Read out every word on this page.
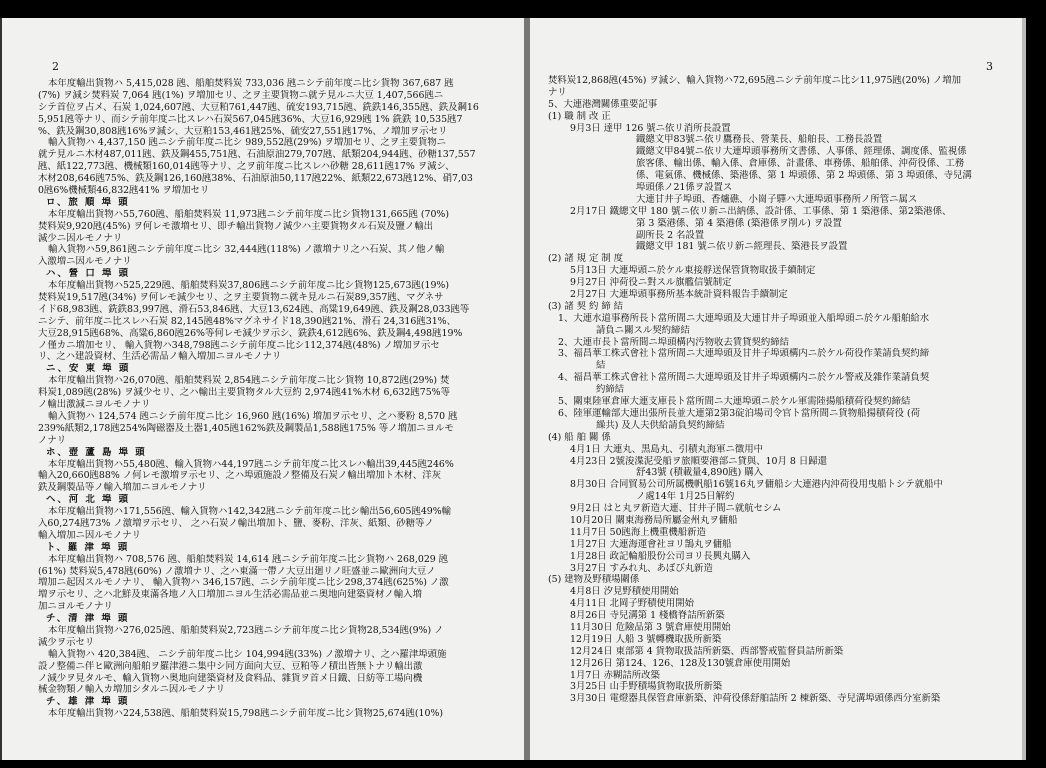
2
本年度輸出貨物ハ 5,415,028 瓲、船舶焚料炭 733,036 瓲ニシテ前年度ニ比シ貨物 367,687 瓲
(7%) ヲ減シ焚料炭 7,064 瓲(1%) ヲ増加セリ、之ヲ主要貨物ニ就テ見ルニ大豆 1,407,566瓲ニ
シテ首位ヲ占メ、石炭 1,024,607瓲、大豆粕761,447瓲、硫安193,715瓲、銑鉄146,355瓲、鉄及鋼16
5,951瓲等ナリ、而シテ前年度ニ比スレハ石炭567,045瓲36%、大豆16,929瓲 1% 銑鉄 10,535瓲7
%、鉄及鋼30,808瓲16%ヲ減シ、大豆粕153,461瓲25%、硫安27,551瓲17%、ノ増加ヲ示セリ
輸入貨物ハ 4,437,150 瓲ニシテ前年度ニ比シ 989,552瓲(29%) ヲ増加セリ、之ヲ主要貨物ニ
就テ見ルニ木材487,011瓲、鉄及鋼455,751瓲、石油原油279,707瓲、紙類204,944瓲、砂糖137,557
瓲、紙122,773瓲、機械類160,014瓲等ナリ、之ヲ前年度ニ比スレハ砂糖 28,611瓲17% ヲ減シ、
木材208,646瓲75%、鉄及鋼126,160瓲38%、石油原油50,117瓲22%、紙類22,673瓲12%、硝7,03
0瓲6%機械類46,832瓲41% ヲ増加セリ
ロ、旅 順 埠 頭
本年度輸出貨物ハ55,760瓲、船舶焚料炭 11,973瓲ニシテ前年度ニ比シ貨物131,665瓲 (70%)
焚料炭9,920瓲(45%) ヲ何レモ激増セリ、即チ輸出貨物ノ減少ハ主要貨物タル石炭及鹽ノ輸出
減少ニ因ルモノナリ
輸入貨物ハ59,861瓲ニシテ前年度ニ比シ 32,444瓲(118%) ノ激増ナリ之ハ石炭、其ノ他ノ輸
入激増ニ因ルモノナリ
ハ、營 口 埠 頭
本年度輸出貨物ハ525,229瓲、船舶焚料炭37,806瓲ニシテ前年度ニ比シ貨物125,673瓲(19%)
焚料炭19,517瓲(34%) ヲ何レモ減少セリ、之ヲ主要貨物ニ就キ見ルニ石炭89,357瓲、マグネサ
イド68,983瓲、銑鉄83,997瓲、滑石53,846瓲、大豆13,624瓲、高粱19,649瓲、鉄及鋼28,033瓲等
ニシテ、前年度ニ比スレハ石炭 82,145瓲48%マグネサイド18,390瓲21%、滑石 24,316瓲31%、
大豆28,915瓲68%、高粱6,860瓲26%等何レモ減少ヲ示シ、銑鉄4,612瓲6%、鉄及鋼4,498瓲19%
ノ僅カニ増加セリ、 輸入貨物ハ348,798瓲ニシテ前年度ニ比シ112,374瓲(48%) ノ増加ヲ示セ
リ、之ハ建設資材、生活必需品ノ輸入増加ニヨルモノナリ
ニ、安 東 埠 頭
本年度輸出貨物ハ26,070瓲、船舶焚料炭 2,854瓲ニシテ前年度ニ比シ貨物 10,872瓲(29%) 焚
料炭1,089瓲(28%) ヲ減少セリ、之ハ輸出主要貨物タル大豆約 2,974瓲41%木材 6,632瓲75%等
ノ輸出激減ニヨルモノナリ
輸入貨物ハ 124,574 瓲ニシテ前年度ニ比シ 16,960 瓲(16%) 増加ヲ示セリ、之ハ麥粉 8,570 瓲
239%紙類2,178瓲254%陶磁器及土器1,405瓲162%鉄及鋼製品1,588瓲175% 等ノ増加ニヨルモ
ノナリ
ホ、壺 蘆 島 埠 頭
本年度輸出貨物ハ55,480瓲、輸入貨物ハ44,197瓲ニシテ前年度ニ比スレハ輸出39,445瓲246%
輸入20,660瓲88% ノ何レモ激増ヲ示セリ、之ハ埠頭施設ノ整備及石炭ノ輸出増加ト木材、洋灰
鉄及鋼製品等ノ輸入増加ニヨルモノナリ
ヘ、河 北 埠 頭
本年度輸出貨物ハ171,556瓲、輸入貨物ハ142,342瓲ニシテ前年度ニ比シ輸出56,605瓲49%輸
入60,274瓲73% ノ激増ヲ示セリ、 之ハ石炭ノ輸出増加ト、鹽、麥粉、洋灰、紙類、砂糖等ノ
輸入増加ニ因ルモノナリ
ト、羅 津 埠 頭
本年度輸出貨物ハ 708,576 瓲、船舶焚料炭 14,614 瓲ニシテ前年度ニ比シ貨物ハ 268,029 瓲
(61%) 焚料炭5,478瓲(60%) ノ激増ナリ、之ハ東滿一帶ノ大豆出廻リノ旺盛並ニ歐洲向大豆ノ
増加ニ起因スルモノナリ、 輸入貨物ハ 346,157瓲、ニシテ前年度ニ比シ298,374瓲(625%) ノ激
増ヲ示セリ、之ハ北鮮及東滿各地ノ入口増加ニヨル生活必需品並ニ奥地向建築資材ノ輸入増
加ニヨルモノナリ
チ、清 津 埠 頭
本年度輸出貨物ハ276,025瓲、船舶焚料炭2,723瓲ニシテ前年度ニ比シ貨物28,534瓲(9%) ノ
減少ヲ示セリ
輸入貨物ハ 420,384瓲、 ニシテ前年度ニ比シ 104,994瓲(33%) ノ激増ナリ、之ハ羅津埠頭施
設ノ整備ニ伴ヒ歐洲向船舶ヲ羅津港ニ集中シ同方面向大豆、豆粕等ノ積出皆無トナリ輸出激
ノ減少ヲ見タルモ、輸入貨物ハ奥地向建築資材及食料品、雜貨ヲ首メ日鐵、日紡等工場向機
械金物類ノ輸入カ増加シタルニ因ルモノナリ
チ、雄 津 埠 頭
本年度輸出貨物ハ224,538瓲、船舶焚料炭15,798瓲ニシテ前年度ニ比シ貨物25,674瓲(10%)
3
焚料炭12,868瓲(45%) ヲ減シ、輸入貨物ハ72,695瓲ニシテ前年度ニ比シ11,975瓲(20%) ノ増加
ナリ
5、大連港灣關係重要記事
(1) 職 制 改 正
9月3日 達甲 126 號ニ依リ消所長設置
鐵總文甲83號ニ依リ鷹務長、營業長、船舶長、工務長設置
鐵總文甲84號ニ依リ大連埠頭事務所文書係、人事係、經理係、調度係、監視係
旅客係、輸出係、輸入係、倉庫係、計畫係、車務係、船舶係、沖荷役係、工務
係、電氣係、機械係、築港係、第 1 埠頭係、第 2 埠頭係、第 3 埠頭係、寺兒溝
埠頭係ノ21係ヲ設置ス
大連甘井子埠頭、香爐礁、小崗子驛ハ大連埠頭事務所ノ所管ニ属ス
2月17日 鐵總文甲 180 號ニ依リ新ニ出納係、設計係、工事係、第 1 築港係、第2築港係、
第 3 築港係、第 4 築港係 (築港係ヲ削ル) ヲ設置
副所長 2 名設置
鐵總文甲 181 號ニ依リ新ニ經理長、築港長ヲ設置
(2) 諸 規 定 制 度
5月13日 大連埠頭ニ於ケル東接艀送保管貨物取扱手續制定
9月27日 沖荷役ニ對スル旗艦信號制定
2月27日 大連埠頭事務所基本統計資料報告手續制定
(3) 諸 契 約 締 結
1、大連水道事務所長ト當所間ニ大連埠頭及大連甘井子埠頭並入船埠頭ニ於ケル船舶給水
請負ニ關スル契約締結
2、大連市長ト當所間ニ埠頭構内汚物收去賃貸契約締結
3、福昌華工株式會社ト當所間ニ大連埠頭及甘井子埠頭構内ニ於ケル荷役作業請負契約締
結
4、福昌華工株式會社ト當所間ニ大連埠頭及甘井子埠頭構内ニ於ケル警戒及雜作業請負契
約締結
5、關東陸軍倉庫大連支庫長ト當所間ニ大連埠頭ニ於ケル軍需陸揚船積荷役契約締結
6、陸軍運輸部大連出張所長並大連第2第3碇泊場司令官ト當所間ニ貨物船揚積荷役 (荷
繰共) 及人夫供給請負契約締結
(4) 船 舶 關 係
4月1日 大連丸、黒島丸、引積丸海軍ニ徴用中
4月23日 2號浚渫泥受船ヲ旅順要港部ニ貸與、10月 8 日歸還
舒43號 (積載量4,890瓲) 購入
8月30日 合同貿易公司所属機帆船16號16丸ヲ傭船シ大連港内沖荷役用曳船トシテ就船中
ノ處14年 1月25日解約
9月2日 はと丸ヲ新造大連、甘井子間ニ就航セシム
10月20日 關東海務局所屬金州丸ヲ傭船
11月7日 50瓲海上機重機船新造
1月27日 大連海運會社ヨリ鵠丸ヲ傭船
1月28日 政記輪船股份公司ヨリ長興丸購入
3月27日 すみれ丸、あぼび丸新造
(5) 建物及野積場關係
4月8日 汐見野積使用開始
4月11日 北岡子野積使用開始
8月26日 寺兒溝第 1 棧橋脊詰所新築
11月30日 危險品第 3 號倉庫使用開始
12月19日 人船 3 號轉機取扱所新築
12月24日 東部第 4 貨物取扱詰所新築、西部警戒監督員詰所新築
12月26日 第124、126、128及130號倉庫使用開始
1月7日 赤糊詰所改築
3月25日 山手野積場貨物取扱所新築
3月30日 電燈器具保管倉庫新築、沖荷役係舒舶詰所 2 棟新築、寺兒溝埠頭係西分室新築
